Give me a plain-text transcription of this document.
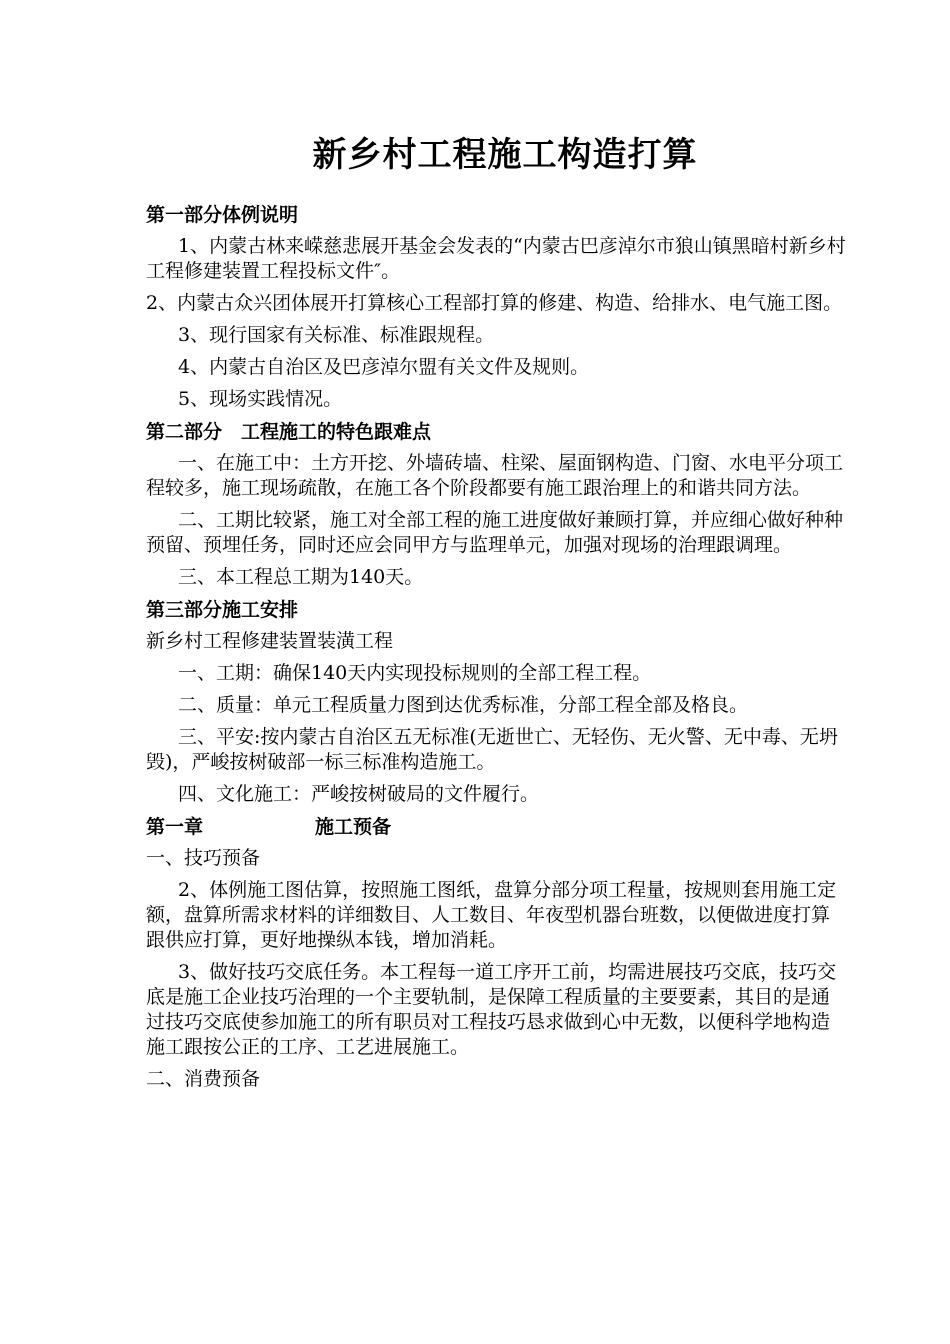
新乡村工程施工构造打算
第一部分体例说明
1、内蒙古林来嵘慈悲展开基金会发表的“内蒙古巴彦淖尔市狼山镇黑暗村新乡村工程修建装置工程投标文件″。
2、内蒙古众兴团体展开打算核心工程部打算的修建、构造、给排水、电气施工图。
3、现行国家有关标准、标准跟规程。
4、内蒙古自治区及巴彦淖尔盟有关文件及规则。
5、现场实践情况。
第二部分　工程施工的特色跟难点
一、在施工中：土方开挖、外墙砖墙、柱梁、屋面钢构造、门窗、水电平分项工程较多，施工现场疏散，在施工各个阶段都要有施工跟治理上的和谐共同方法。
二、工期比较紧，施工对全部工程的施工进度做好兼顾打算，并应细心做好种种预留、预埋任务，同时还应会同甲方与监理单元，加强对现场的治理跟调理。
三、本工程总工期为140天。
第三部分施工安排
新乡村工程修建装置装潢工程
一、工期：确保140天内实现投标规则的全部工程工程。
二、质量：单元工程质量力图到达优秀标准，分部工程全部及格良。
三、平安:按内蒙古自治区五无标准(无逝世亡、无轻伤、无火警、无中毒、无坍毁)，严峻按树破部一标三标准构造施工。
四、文化施工：严峻按树破局的文件履行。
第一章	施工预备
一、技巧预备
2、体例施工图估算，按照施工图纸，盘算分部分项工程量，按规则套用施工定额，盘算所需求材料的详细数目、人工数目、年夜型机器台班数，以便做进度打算跟供应打算，更好地操纵本钱，增加消耗。
3、做好技巧交底任务。本工程每一道工序开工前，均需进展技巧交底，技巧交底是施工企业技巧治理的一个主要轨制，是保障工程质量的主要要素，其目的是通过技巧交底使参加施工的所有职员对工程技巧恳求做到心中无数，以便科学地构造施工跟按公正的工序、工艺进展施工。
二、消费预备
